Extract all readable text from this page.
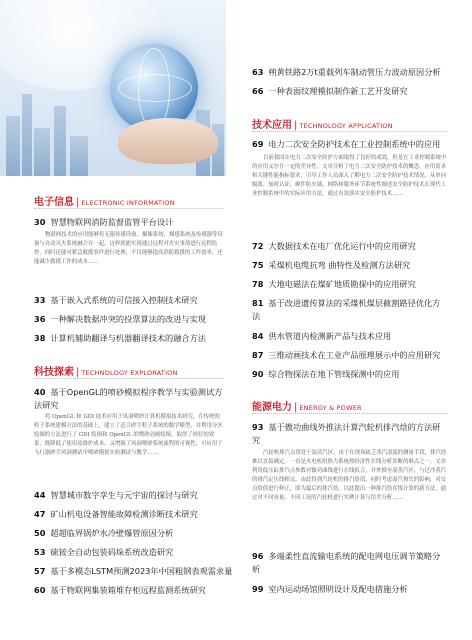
电子信息 | ELECTRONIC INFORMATION
30 智慧物联网消防监督监管平台设计
物联网技术的应用能够将无限传感设备、摄像系统、烟感系统及传感器等设备与自动灭火系统融合在一起，这样就能实现通过远程对火灾事故进行远程监控，同时还能对紧急救援事件进行处理，不仅能够提高消防救援的工作效率，还能减少救援工作的成本……
33 基于嵌入式系统的可信接入控制技术研究
36 一种解决数据冲突的投票算法的改进与实现
38 计算机辅助翻译与机器翻译技术的融合方法
科技探索 | TECHNOLOGY EXPLORATION
40 基于OpenGL的喷砂模拟程序教学与实验测试方法研究
将 OpenGL 和 GDI 技术应用于凤洞喷砂计算机模拟技术研究，在传统的粒子系统建模方法的基础上，建立了适合砂空粒子系统的数学模型，并利用分区绘图的方法进行了 GDI 绘图和 OpenGL 的喷砂动画绘图，取得了较好的效果，既降低了使用及维护成本，又增强了风洞喷砂系统流程的可视性，可应用于飞行器砂尘风洞测试中喷砂模拟实验测试与教学……
44 智慧城市数字孪生与元宇宙的探讨与研究
47 矿山机电设备智能故障检测诊断技术研究
50 超超临界锅炉水冷壁爆管原因分析
53 硫铵全自动包装码垛系统改造研究
57 基于多模态LSTM预测2023年中国粗钢表观需求量
60 基于物联网集装箱堆存柜远程监测系统研究
63 朔黄铁路2万t重载列车制动管压力波动原因分析
66 一种表面纹理模拟制作新工艺开发研究
技术应用 | TECHNOLOGY APPLICATION
69 电力二次安全防护技术在工业控制系统中的应用
目前我国在电力二次安全防护方面取得了良好的成效，但是在工业控制系统中的应用又存在一定的差异性。文章分析了电力二次安全防护技术的概念，应用需求和关键性能指标要求，引导工作人员深入了解电力二次安全防护技术情况，从单向隔离、加密认证、硬件防火墙、网络和服务环节系统性阐述安全防护技术在现代工业控制系统中的实际应用方法，通过有效落实安全防护技术……
72 大数据技术在电厂优化运行中的应用研究
75 采煤机电缆抗弯 曲特性及检测方法研究
78 大地电磁法在煤矿地质勘探中的应用研究
81 基于改进遗传算法的采煤机煤层截割路径优化方法
84 供水管道内检测新产品与技术应用
87 三维动画技术在工业产品原理展示中的应用研究
90 综合物探法在地下管线探测中的应用
能源电力 | ENERGY & POWER
93 基于傲功曲线外推法计算汽轮机排汽焓的方法研究
汽轮机排汽点常处于湿蒸汽区，由于在现场缺乏蒸汽湿度的测量手段，排汽焓难以直接确定。一直是火电机组热力系统热经济性在线分析诊断的难点之一。文章利用低压缸排汽点参数对做功曲线进行在线拟合，并外推至湿蒸汽区，与过冷蒸汽的排汽定压线相交，由此得到汽轮机的排汽焓值，同时考虑湿汽损失的影响，对交点焓值进行修正，即为最后的排汽焓。以此提出一种排汽焓在线计算的新方法，通过对不同容量、不同工况的汽轮机进行实例计算与误差分析……
96 多端柔性直流输电系统的配电网电压调节策略分析
99 室内运动场馆照明设计及配电措施分析
